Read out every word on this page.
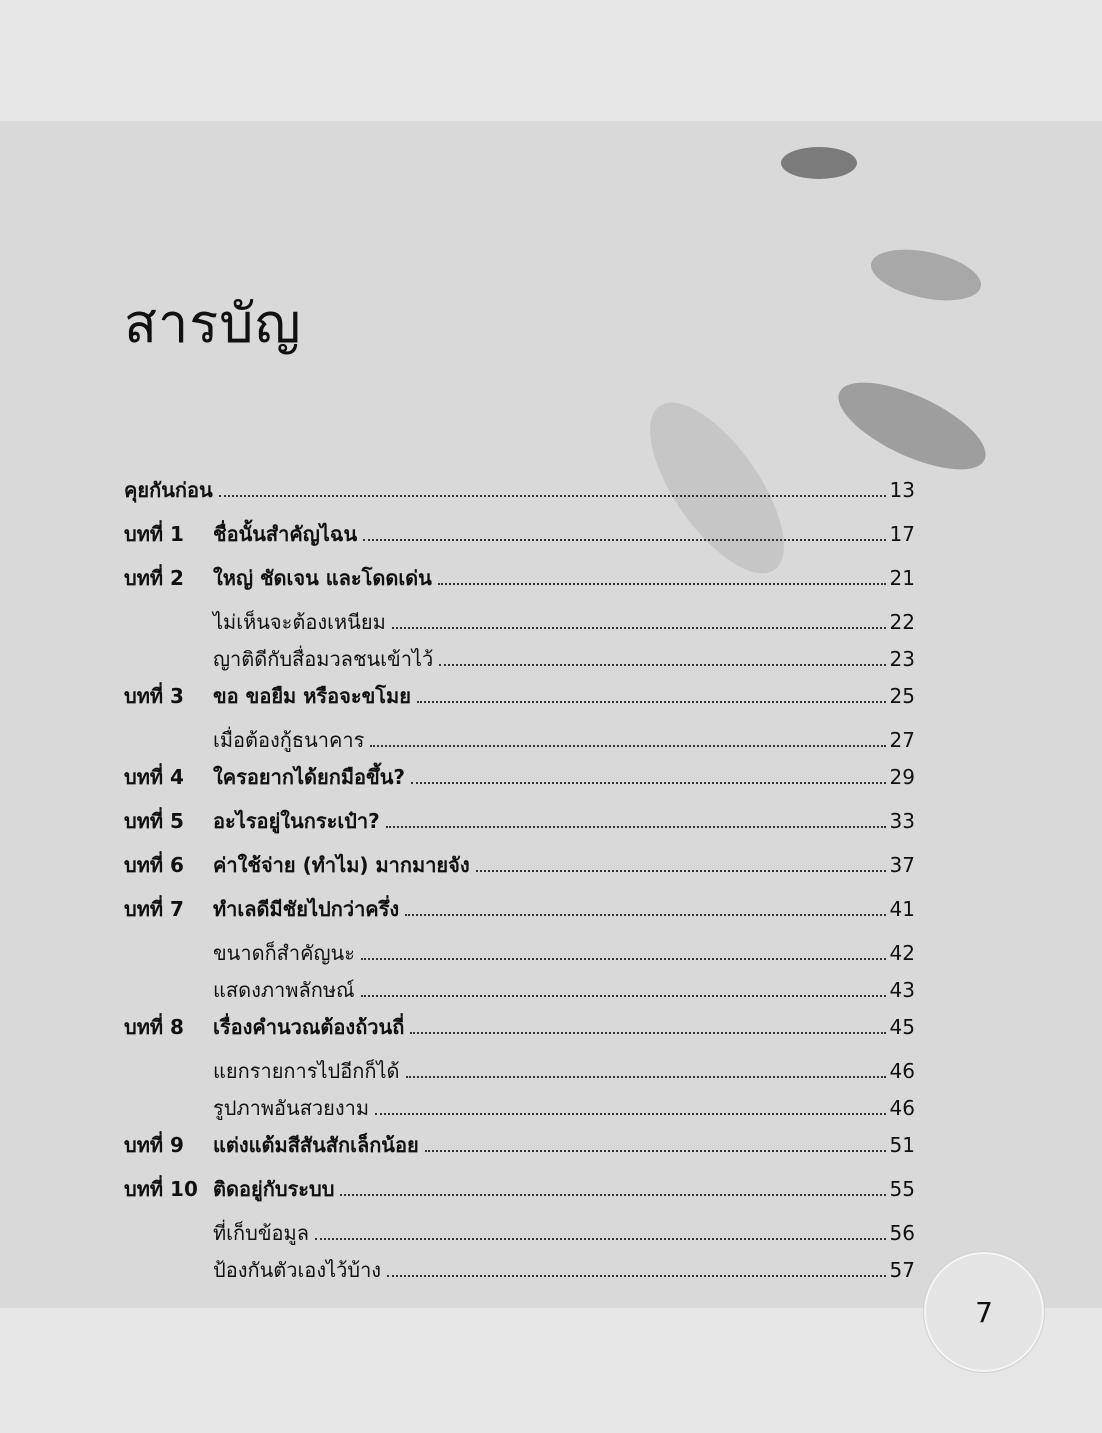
สารบัญ
คุยกันก่อน	13
บทที่ 1	ชื่อนั้นสำคัญไฉน	17
บทที่ 2	ใหญ่ ชัดเจน และโดดเด่น	21
ไม่เห็นจะต้องเหนียม	22
ญาติดีกับสื่อมวลชนเข้าไว้	23
บทที่ 3	ขอ ขอยืม หรือจะขโมย	25
เมื่อต้องกู้ธนาคาร	27
บทที่ 4	ใครอยากได้ยกมือขึ้น?	29
บทที่ 5	อะไรอยู่ในกระเป๋า?	33
บทที่ 6	ค่าใช้จ่าย (ทำไม) มากมายจัง	37
บทที่ 7	ทำเลดีมีชัยไปกว่าครึ่ง	41
ขนาดก็สำคัญนะ	42
แสดงภาพลักษณ์	43
บทที่ 8	เรื่องคำนวณต้องถ้วนถี่	45
แยกรายการไปอีกก็ได้	46
รูปภาพอันสวยงาม	46
บทที่ 9	แต่งแต้มสีสันสักเล็กน้อย	51
บทที่ 10 ติดอยู่กับระบบ	55
ที่เก็บข้อมูล	56
ป้องกันตัวเองไว้บ้าง	57
7
